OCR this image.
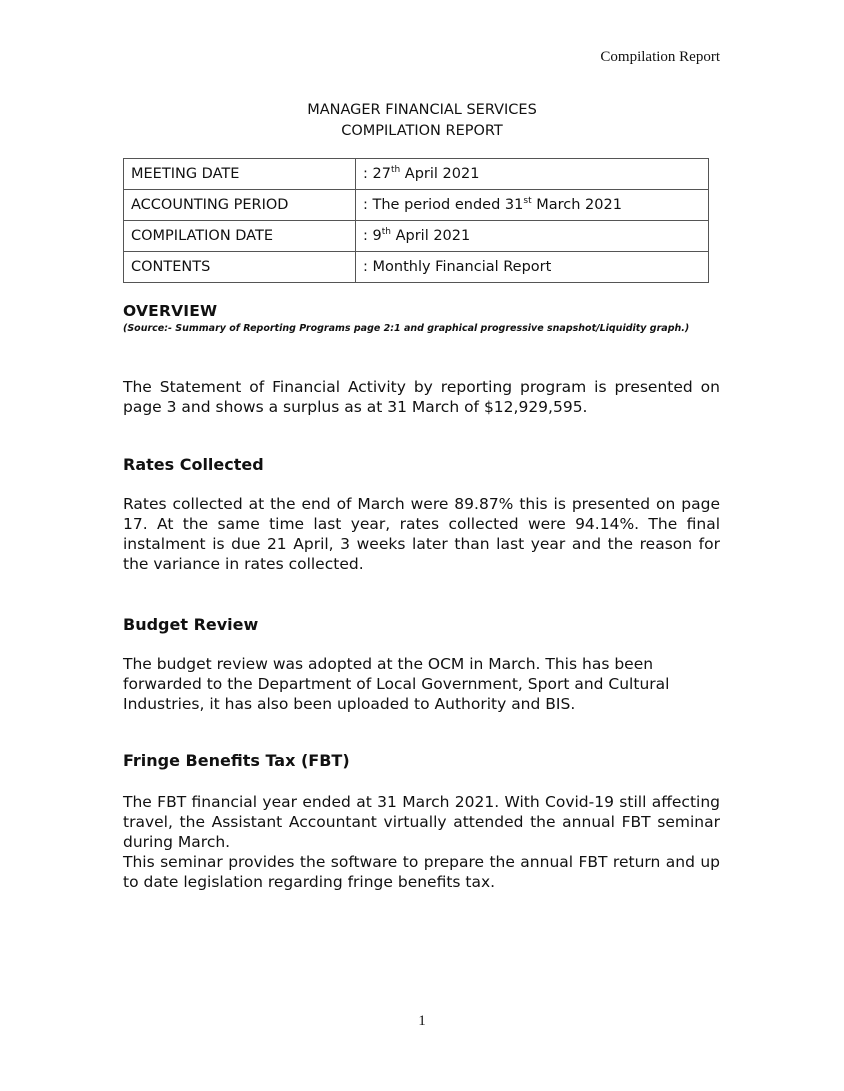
Compilation Report
MANAGER FINANCIAL SERVICES
COMPILATION REPORT
MEETING DATE	: 27th April 2021
ACCOUNTING PERIOD	: The period ended 31st March 2021
COMPILATION DATE	: 9th April 2021
CONTENTS	: Monthly Financial Report
OVERVIEW
(Source:- Summary of Reporting Programs page 2:1 and graphical progressive snapshot/Liquidity graph.)
The Statement of Financial Activity by reporting program is presented on page 3 and shows a surplus as at 31 March of $12,929,595.
Rates Collected
Rates collected at the end of March were 89.87% this is presented on page 17. At the same time last year, rates collected were 94.14%. The final instalment is due 21 April, 3 weeks later than last year and the reason for the variance in rates collected.
Budget Review
The budget review was adopted at the OCM in March. This has been forwarded to the Department of Local Government, Sport and Cultural Industries, it has also been uploaded to Authority and BIS.
Fringe Benefits Tax (FBT)
The FBT financial year ended at 31 March 2021. With Covid-19 still affecting travel, the Assistant Accountant virtually attended the annual FBT seminar during March.
This seminar provides the software to prepare the annual FBT return and up to date legislation regarding fringe benefits tax.
1
